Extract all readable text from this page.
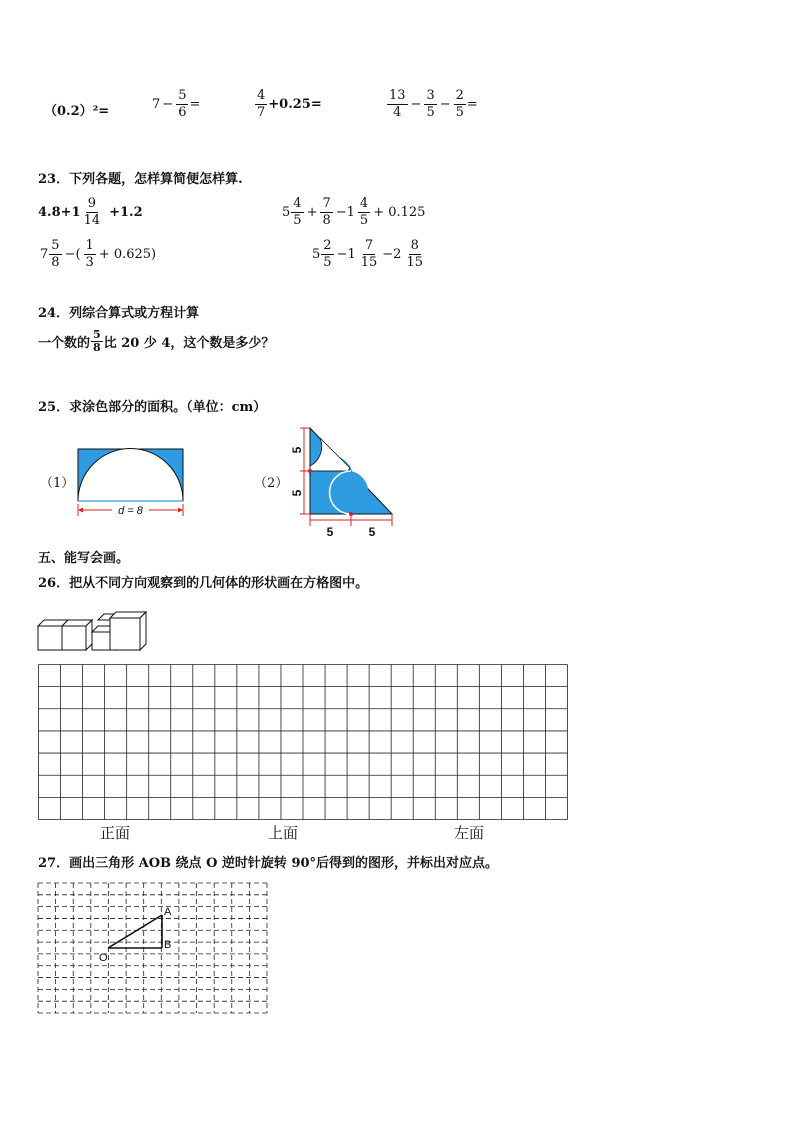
（0.2）²=	$7 - \frac{5}{6}$ =	$\frac{4}{7} +0.25=$	$\frac{13}{4} - \frac{3}{5} - \frac{2}{5}$ =
23．下列各题，怎样算简便怎样算.
$4.8+1 \frac{9}{14} +1.2$	$5 \frac{4}{5} + \frac{7}{8} -1 \frac{4}{5} + 0.125$
$7 \frac{5}{8}$ −( $\frac{1}{3} + 0.625$)	$5 \frac{2}{5} -1 \frac{7}{15} -2 \frac{8}{15}$
24．列综合算式或方程计算
一个数的 $\frac{5}{8}$ 比 20 少 4，这个数是多少？
25．求涂色部分的面积。（单位：cm）
（1）	（2）
d = 8
5
5
5	5
五、能写会画。
26．把从不同方向观察到的几何体的形状画在方格图中。
正面	上面	左面
27．画出三角形 AOB 绕点 O 逆时针旋转 90°后得到的图形，并标出对应点。
A
B
O
